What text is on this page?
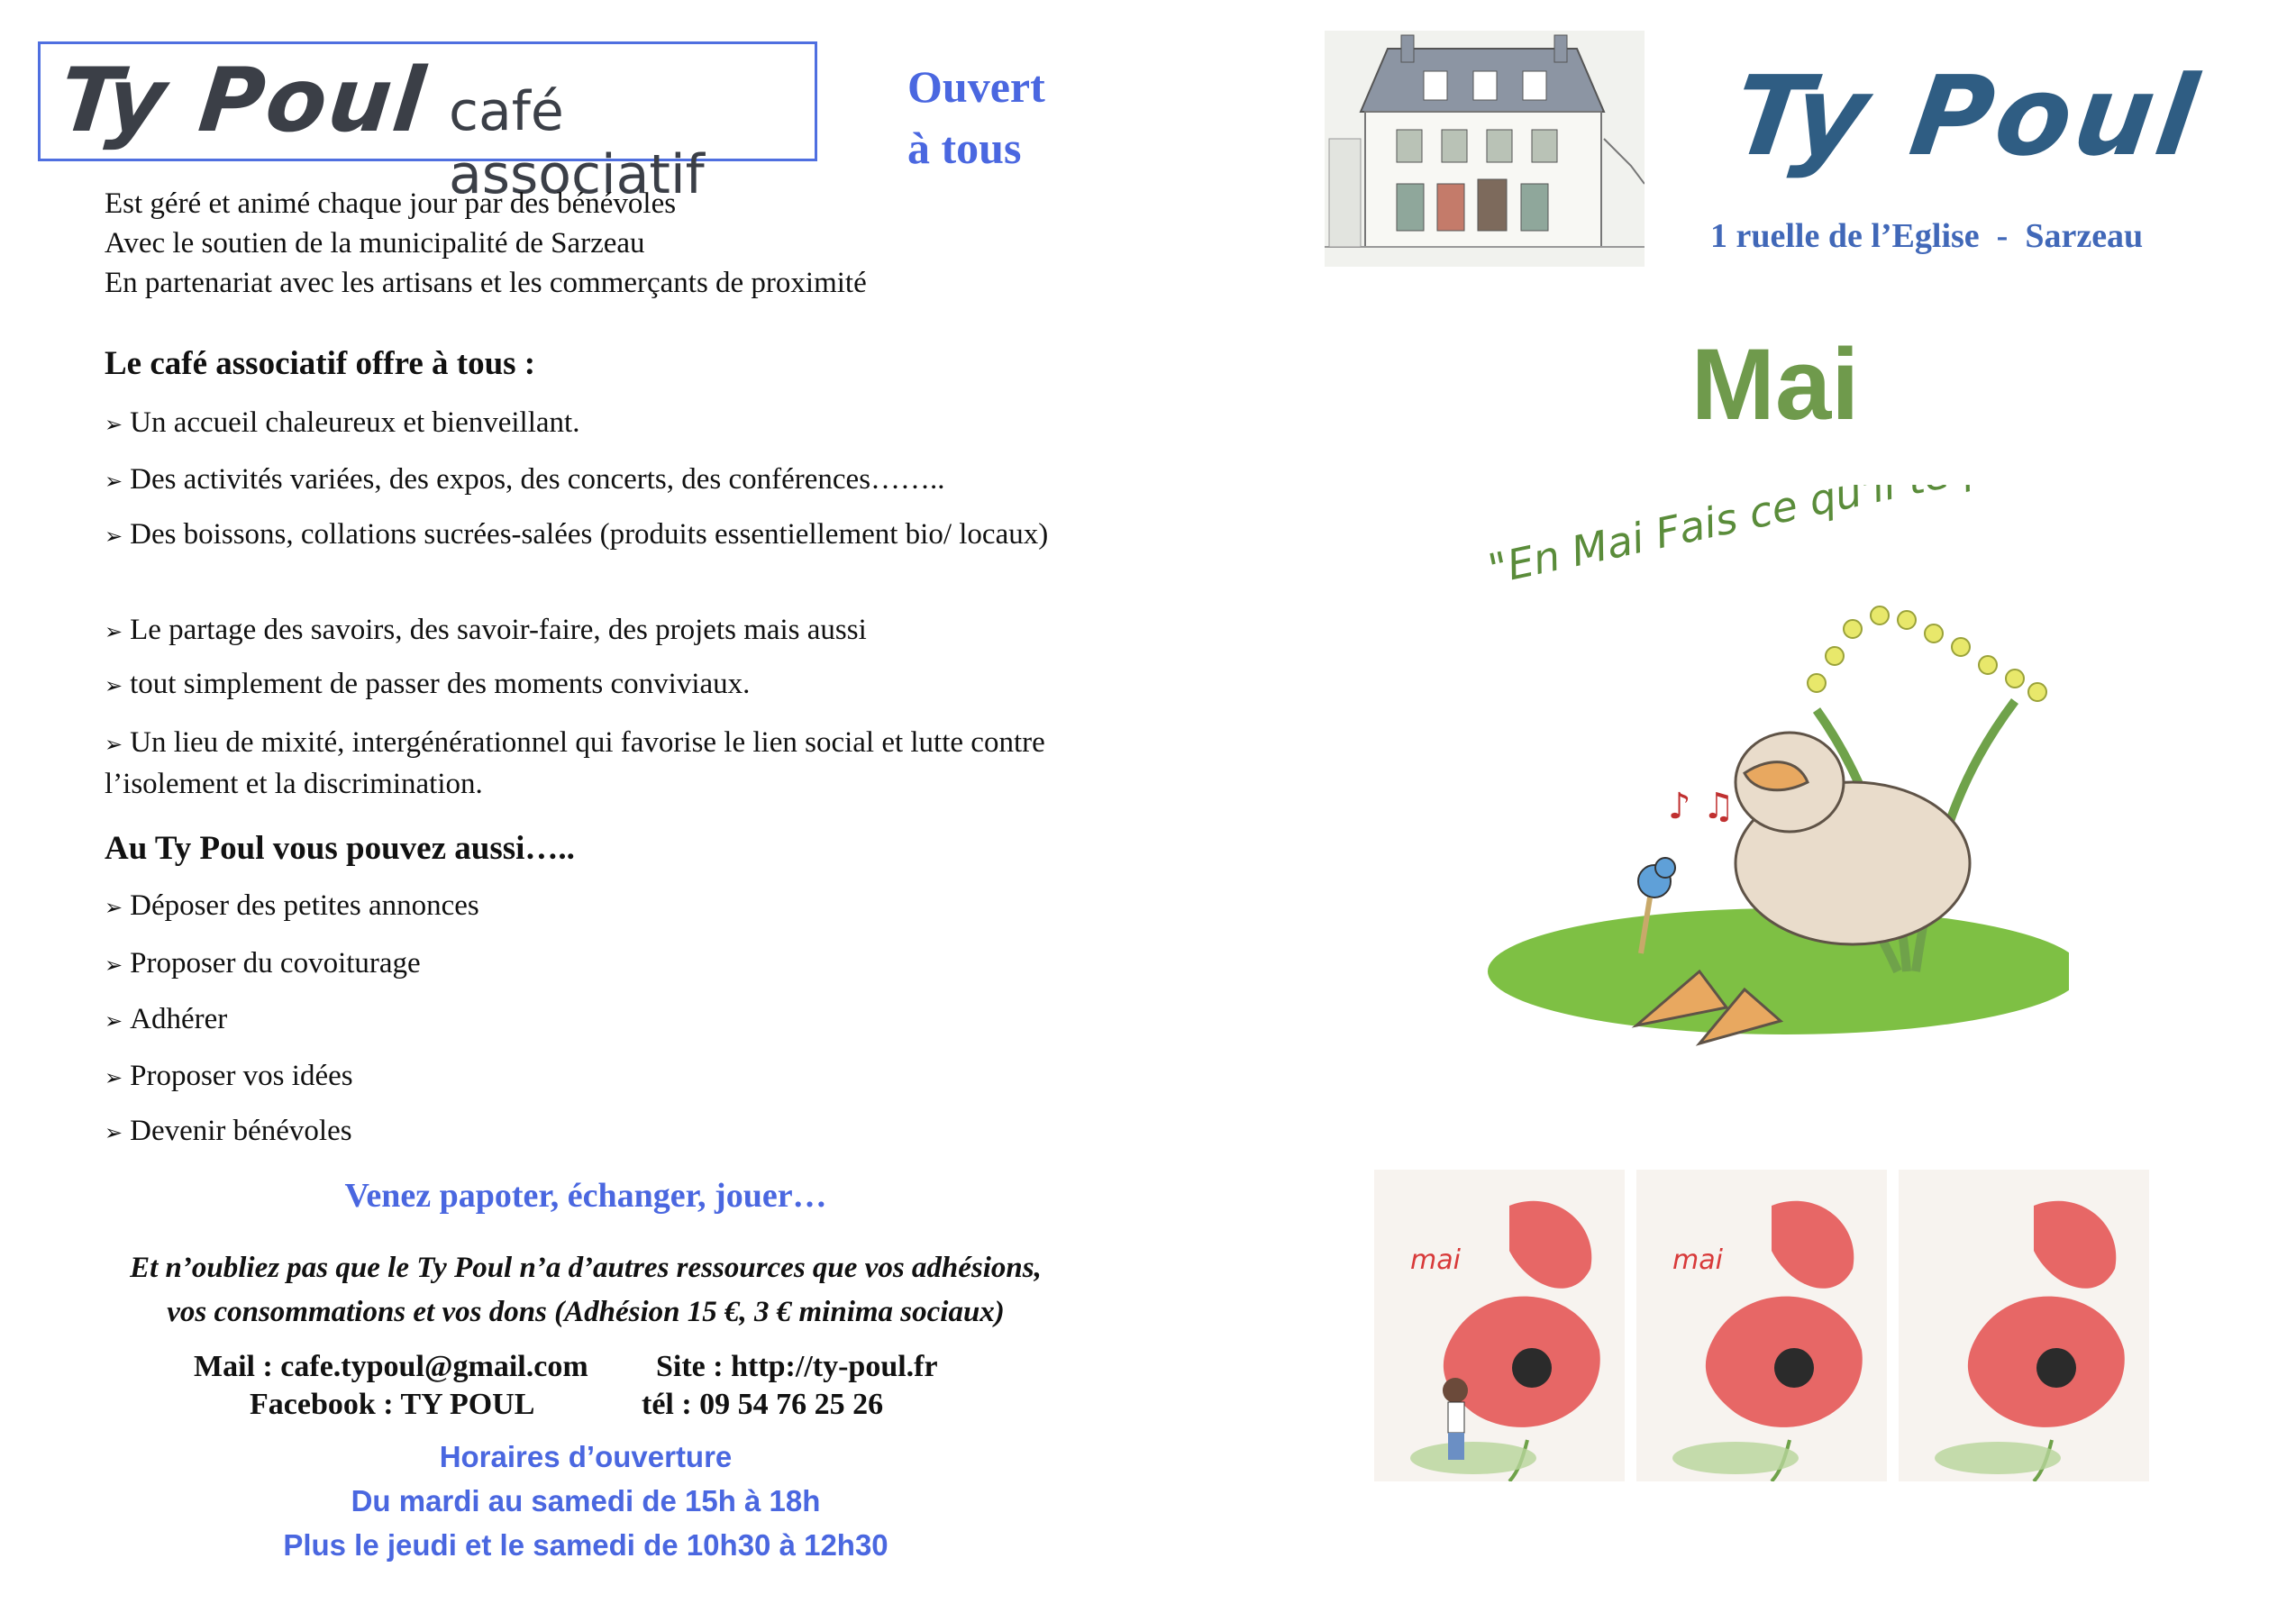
Ty Poul café associatif
Ouvert
à tous
Est géré et animé chaque jour par des bénévoles
Avec le soutien de la municipalité de Sarzeau
En partenariat avec les artisans et les commerçants de proximité
Le café associatif offre à tous :
➢ Un accueil chaleureux et bienveillant.
➢ Des activités variées, des expos, des concerts, des conférences……..
➢ Des boissons, collations sucrées-salées (produits essentiellement bio/ locaux)
➢ Le partage des savoirs, des savoir-faire, des projets mais aussi
➢ tout simplement de passer des moments conviviaux.
➢ Un lieu de mixité, intergénérationnel qui favorise le lien social et lutte contre l’isolement et la discrimination.
Au Ty Poul vous pouvez aussi…..
➢ Déposer des petites annonces
➢ Proposer du covoiturage
➢ Adhérer
➢ Proposer vos idées
➢ Devenir bénévoles
Venez papoter, échanger, jouer…
Et n’oubliez pas que le Ty Poul n’a d’autres ressources que vos adhésions,
vos consommations et vos dons (Adhésion 15 €, 3 € minima sociaux)
Mail : cafe.typoul@gmail.com Site : http://ty-poul.fr
Facebook : TY POUL	tél : 09 54 76 25 26
Horaires d’ouverture
Du mardi au samedi de 15h à 18h
Plus le jeudi et le samedi de 10h30 à 12h30
Ty Poul
1 ruelle de l’Eglise  -  Sarzeau
Mai
♪ ♫
mai	mai
